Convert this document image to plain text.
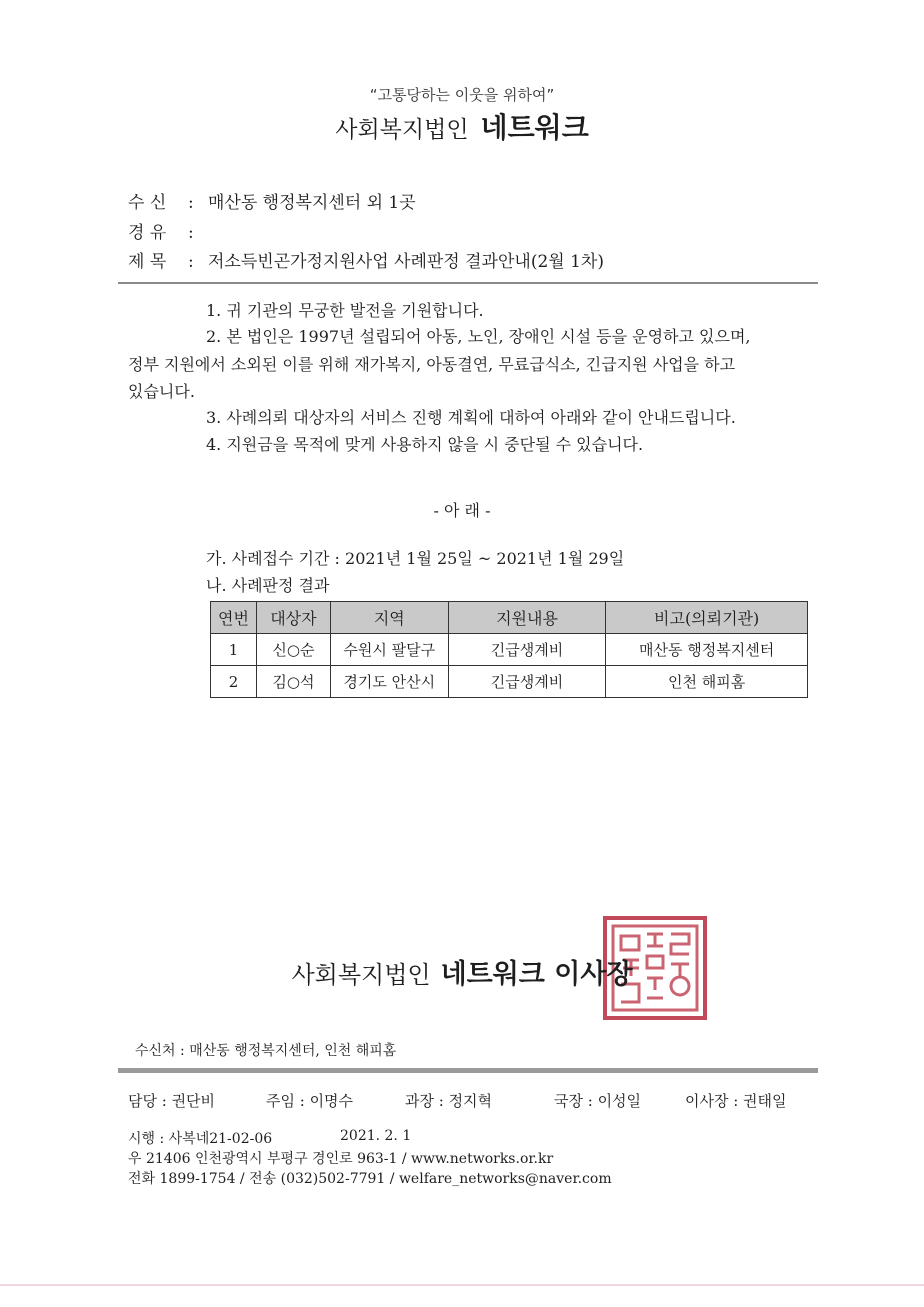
“고통당하는 이웃을 위하여”
사회복지법인 네트워크
수 신 : 매산동 행정복지센터 외 1곳
경 유 :
제 목 : 저소득빈곤가정지원사업 사례판정 결과안내(2월 1차)
1. 귀 기관의 무궁한 발전을 기원합니다.
2. 본 법인은 1997년 설립되어 아동, 노인, 장애인 시설 등을 운영하고 있으며,
정부 지원에서 소외된 이를 위해 재가복지, 아동결연, 무료급식소, 긴급지원 사업을 하고
있습니다.
3. 사례의뢰 대상자의 서비스 진행 계획에 대하여 아래와 같이 안내드립니다.
4. 지원금을 목적에 맞게 사용하지 않을 시 중단될 수 있습니다.
- 아 래 -
가. 사례접수 기간 : 2021년 1월 25일 ~ 2021년 1월 29일
나. 사례판정 결과
연번	대상자	지역	지원내용	비고(의뢰기관)
1	신○순	수원시 팔달구	긴급생계비	매산동 행정복지센터
2	김○석	경기도 안산시	긴급생계비	인천 해피홈
사회복지법인 네트워크 이사장
수신처 : 매산동 행정복지센터, 인천 해피홈
담당 : 권단비	주임 : 이명수	과장 : 정지혁	국장 : 이성일	이사장 : 권태일
시행 : 사복네21-02-06	2021. 2. 1
우 21406 인천광역시 부평구 경인로 963-1 / www.networks.or.kr
전화 1899-1754 / 전송 (032)502-7791 / welfare_networks@naver.com
